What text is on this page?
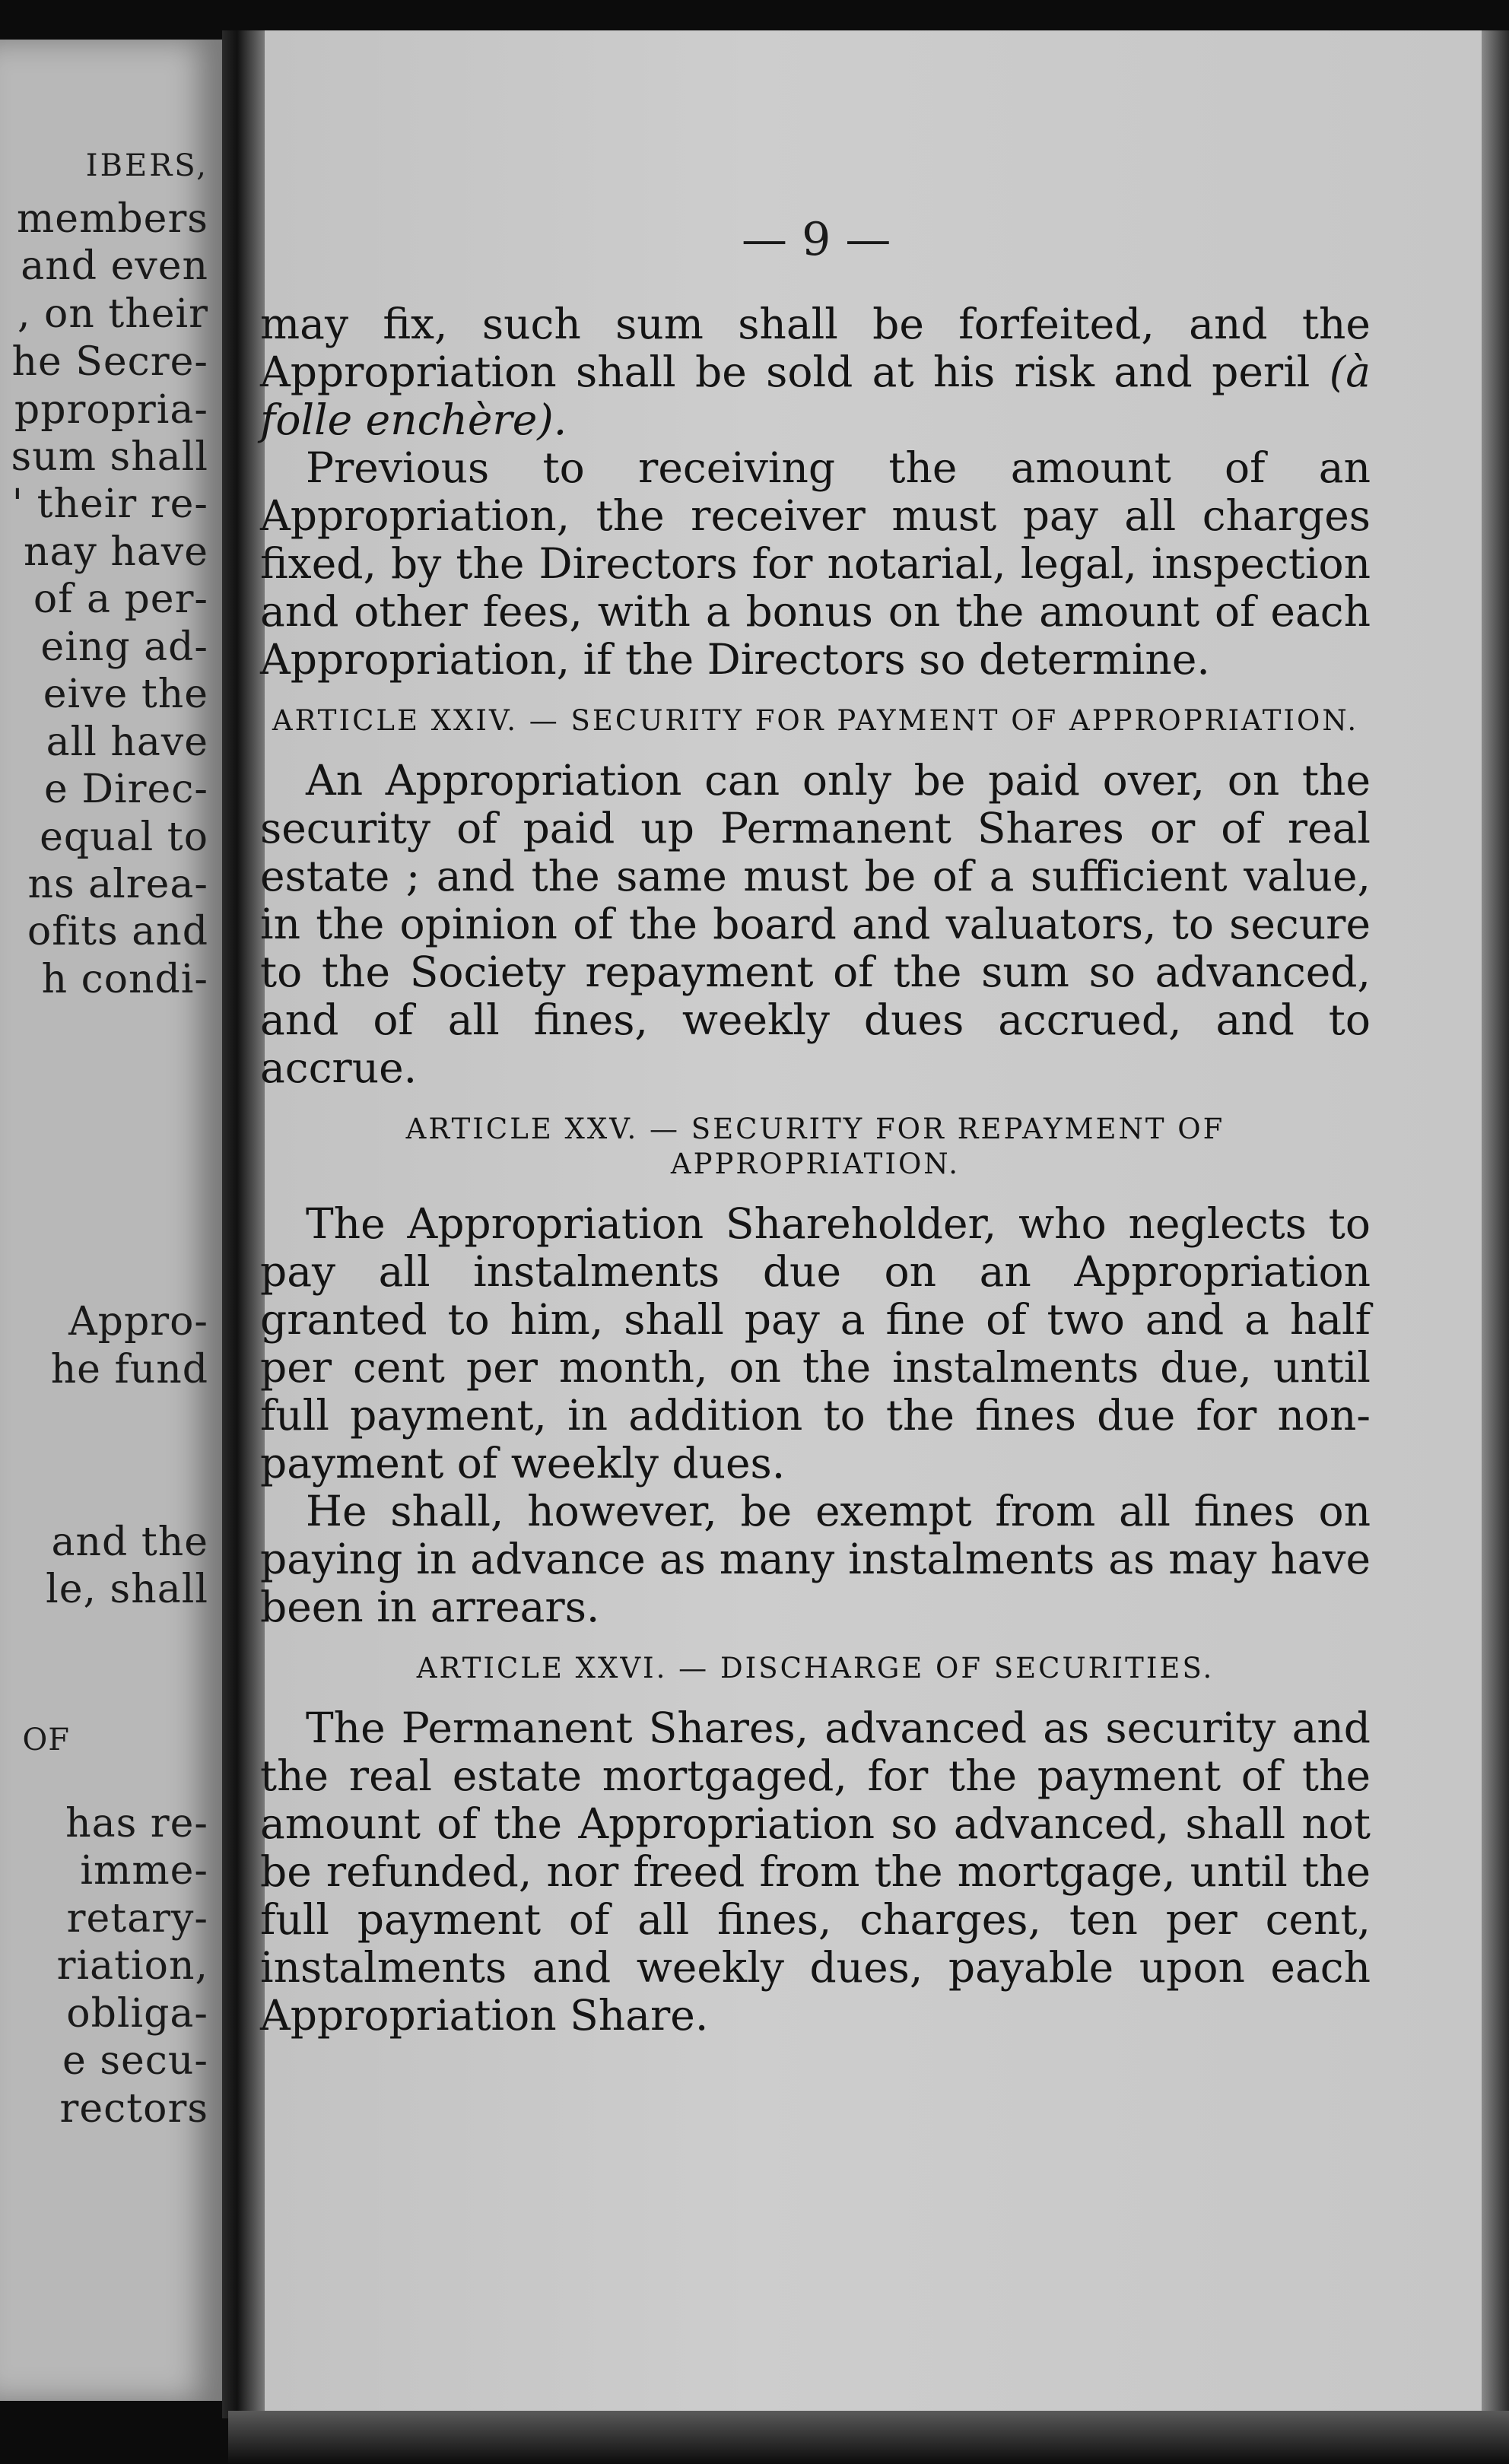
IBERS,
members
and even
, on their
he Secre-
ppropria-
sum shall
' their re-
nay have
of a per-
eing ad-
eive the
all have
e Direc-
equal to
ns alrea-
ofits and
h condi-
Appro-
he fund
and the
le, shall
OF
has re-
imme-
retary-
riation,
obliga-
e secu-
rectors
— 9 —

may fix, such sum shall be forfeited, and the Appropriation shall be sold at his risk and peril (à folle enchère).

Previous to receiving the amount of an Appropriation, the receiver must pay all charges fixed, by the Directors for notarial, legal, inspection and other fees, with a bonus on the amount of each Appropriation, if the Directors so determine.

ARTICLE XXIV. — SECURITY FOR PAYMENT OF APPROPRIATION.

An Appropriation can only be paid over, on the security of paid up Permanent Shares or of real estate ; and the same must be of a sufficient value, in the opinion of the board and valuators, to secure to the Society repayment of the sum so advanced, and of all fines, weekly dues accrued, and to accrue.

ARTICLE XXV. — SECURITY FOR REPAYMENT OF APPROPRIATION.

The Appropriation Shareholder, who neglects to pay all instalments due on an Appropriation granted to him, shall pay a fine of two and a half per cent per month, on the instalments due, until full payment, in addition to the fines due for non-payment of weekly dues.

He shall, however, be exempt from all fines on paying in advance as many instalments as may have been in arrears.

ARTICLE XXVI. — DISCHARGE OF SECURITIES.

The Permanent Shares, advanced as security and the real estate mortgaged, for the payment of the amount of the Appropriation so advanced, shall not be refunded, nor freed from the mortgage, until the full payment of all fines, charges, ten per cent, instalments and weekly dues, payable upon each Appropriation Share.
